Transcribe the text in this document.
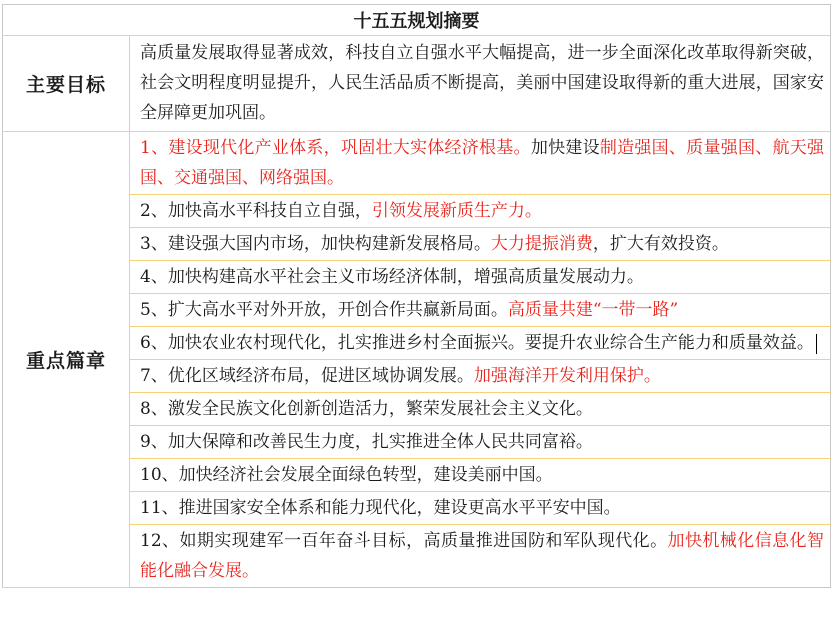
十五五规划摘要	
主要目标	高质量发展取得显著成效，科技自立自强水平大幅提高，进一步全面深化改革取得新突破，社会文明程度明显提升，人民生活品质不断提高，美丽中国建设取得新的重大进展，国家安全屏障更加巩固。
重点篇章	1、建设现代化产业体系，巩固壮大实体经济根基。加快建设制造强国、质量强国、航天强国、交通强国、网络强国。
	2、加快高水平科技自立自强，引领发展新质生产力。
	3、建设强大国内市场，加快构建新发展格局。大力提振消费，扩大有效投资。
	4、加快构建高水平社会主义市场经济体制，增强高质量发展动力。
	5、扩大高水平对外开放，开创合作共赢新局面。高质量共建“一带一路”
	6、加快农业农村现代化，扎实推进乡村全面振兴。要提升农业综合生产能力和质量效益。
	7、优化区域经济布局，促进区域协调发展。加强海洋开发利用保护。
	8、激发全民族文化创新创造活力，繁荣发展社会主义文化。
	9、加大保障和改善民生力度，扎实推进全体人民共同富裕。
	10、加快经济社会发展全面绿色转型，建设美丽中国。
	11、推进国家安全体系和能力现代化，建设更高水平平安中国。
	12、如期实现建军一百年奋斗目标，高质量推进国防和军队现代化。加快机械化信息化智能化融合发展。
